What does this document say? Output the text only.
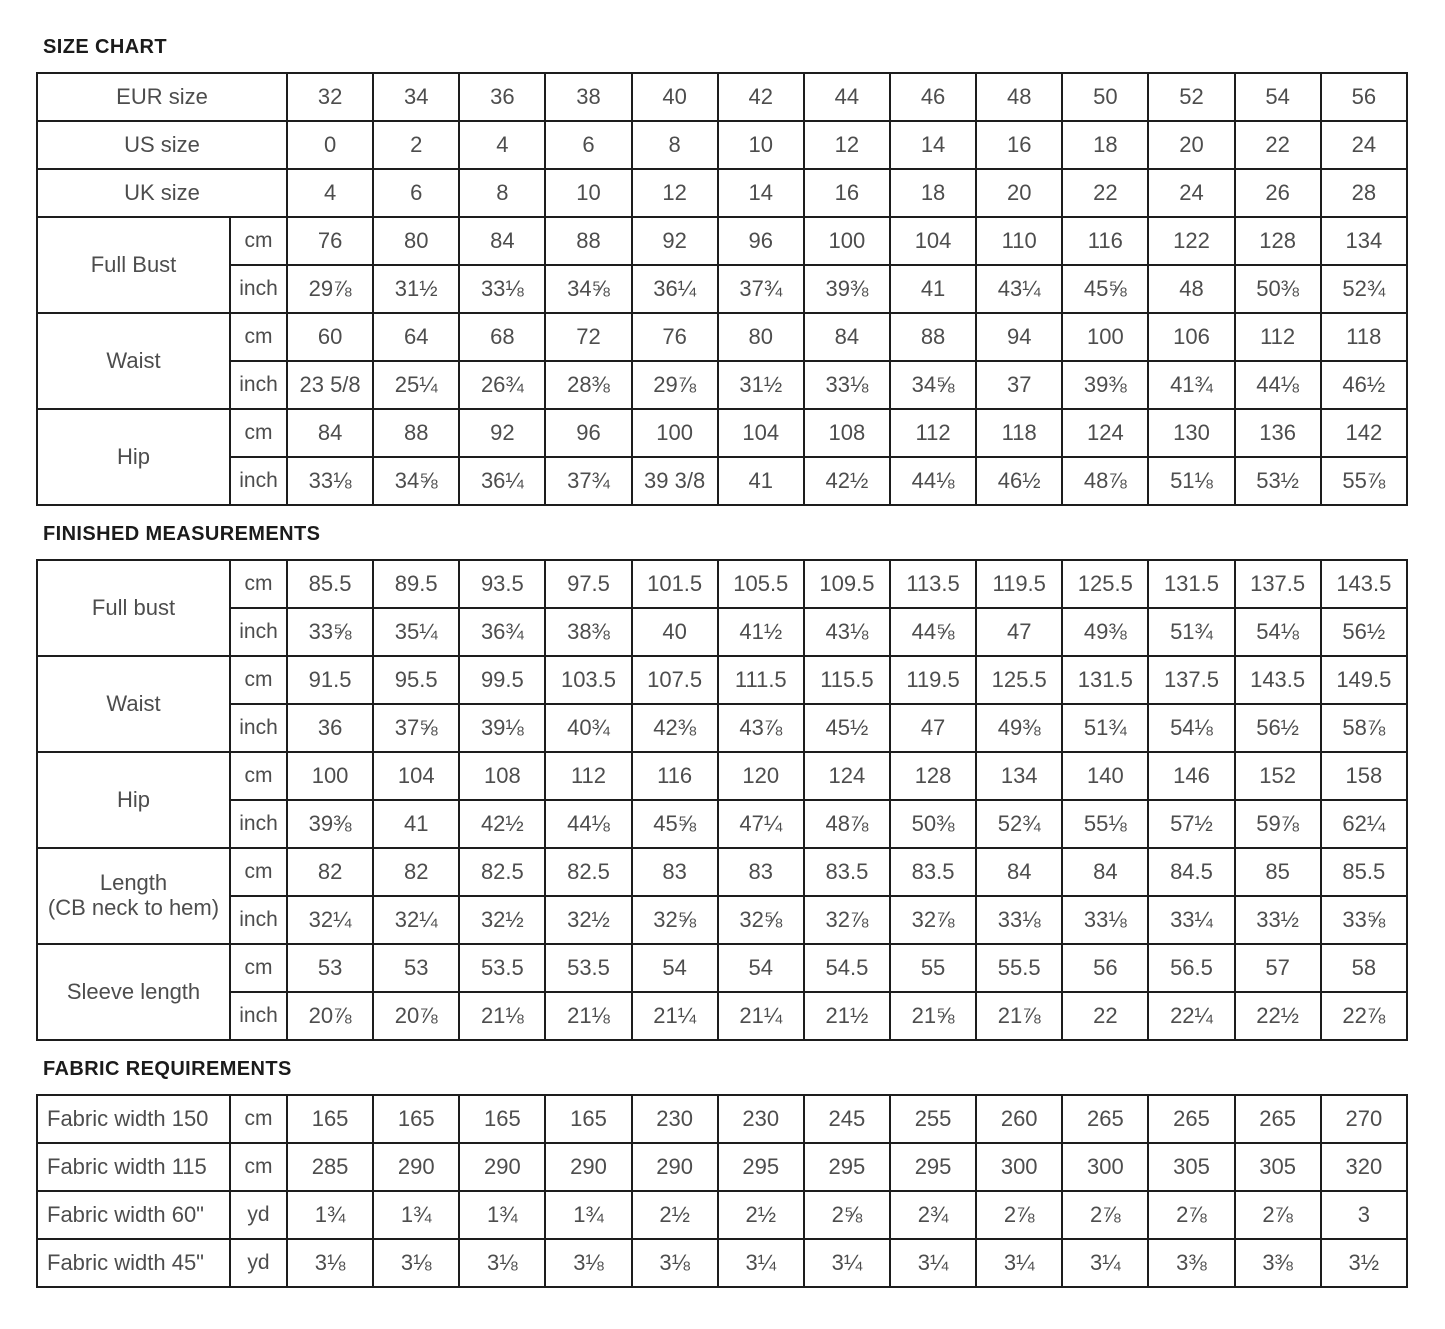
SIZE CHART
EUR size		32	34	36	38	40	42	44	46	48	50	52	54	56
US size		0	2	4	6	8	10	12	14	16	18	20	22	24
UK size		4	6	8	10	12	14	16	18	20	22	24	26	28

Full Bust	cm	76	80	84	88	92	96	100	104	110	116	122	128	134
	inch	29⅞	31½	33⅛	34⅝	36¼	37¾	39⅜	41	43¼	45⅝	48	50⅜	52¾

Waist	cm	60	64	68	72	76	80	84	88	94	100	106	112	118
	inch	23 5/8	25¼	26¾	28⅜	29⅞	31½	33⅛	34⅝	37	39⅜	41¾	44⅛	46½

Hip	cm	84	88	92	96	100	104	108	112	118	124	130	136	142
	inch	33⅛	34⅝	36¼	37¾	39 3/8	41	42½	44⅛	46½	48⅞	51⅛	53½	55⅞
FINISHED MEASUREMENTS
Full bust	cm	85.5	89.5	93.5	97.5	101.5	105.5	109.5	113.5	119.5	125.5	131.5	137.5	143.5
	inch	33⅝	35¼	36¾	38⅜	40	41½	43⅛	44⅝	47	49⅜	51¾	54⅛	56½

Waist	cm	91.5	95.5	99.5	103.5	107.5	111.5	115.5	119.5	125.5	131.5	137.5	143.5	149.5
	inch	36	37⅝	39⅛	40¾	42⅜	43⅞	45½	47	49⅜	51¾	54⅛	56½	58⅞

Hip	cm	100	104	108	112	116	120	124	128	134	140	146	152	158
	inch	39⅜	41	42½	44⅛	45⅝	47¼	48⅞	50⅜	52¾	55⅛	57½	59⅞	62¼

Length
(CB neck to hem)	cm	82	82	82.5	82.5	83	83	83.5	83.5	84	84	84.5	85	85.5
	inch	32¼	32¼	32½	32½	32⅝	32⅝	32⅞	32⅞	33⅛	33⅛	33¼	33½	33⅝

Sleeve length	cm	53	53	53.5	53.5	54	54	54.5	55	55.5	56	56.5	57	58
	inch	20⅞	20⅞	21⅛	21⅛	21¼	21¼	21½	21⅝	21⅞	22	22¼	22½	22⅞
FABRIC REQUIREMENTS
Fabric width 150	cm	165	165	165	165	230	230	245	255	260	265	265	265	270
Fabric width 115	cm	285	290	290	290	290	295	295	295	300	300	305	305	320
Fabric width 60"	yd	1¾	1¾	1¾	1¾	2½	2½	2⅝	2¾	2⅞	2⅞	2⅞	2⅞	3
Fabric width 45"	yd	3⅛	3⅛	3⅛	3⅛	3⅛	3¼	3¼	3¼	3¼	3¼	3⅜	3⅜	3½
